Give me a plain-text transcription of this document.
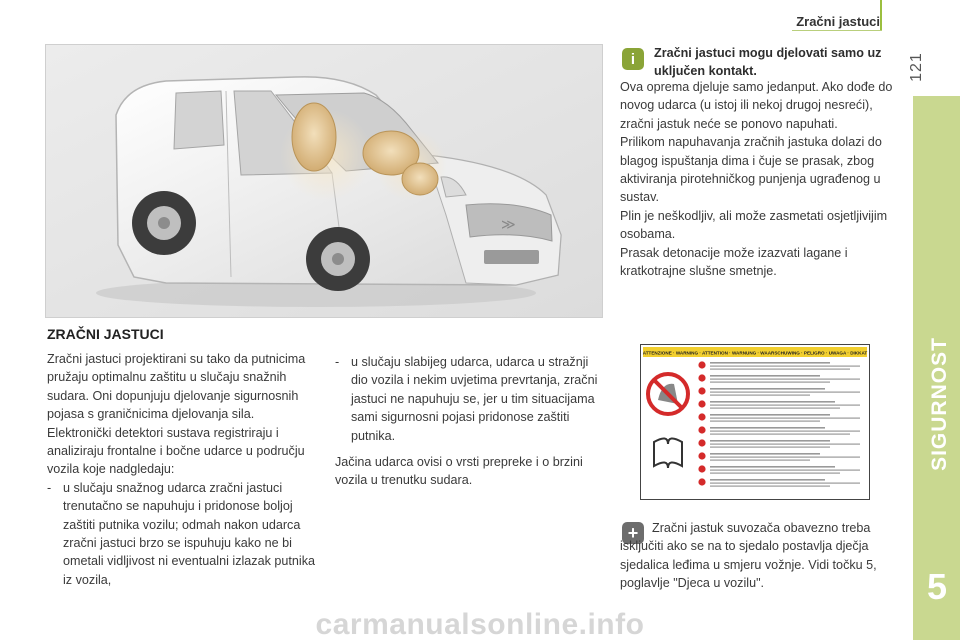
Zračni jastuci
121
SIGURNOST
5
≫
ZRAČNI JASTUCI

Zračni jastuci projektirani su tako da putnicima pružaju optimalnu zaštitu u slučaju snažnih sudara. Oni dopunjuju djelovanje sigurnosnih pojasa s graničnicima djelovanja sila.

Elektronički detektori sustava registriraju i analiziraju frontalne i bočne udarce u području vozila koje nadgledaju:

- u slučaju snažnog udarca zračni jastuci trenutačno se napuhuju i pridonose boljoj zaštiti putnika vozilu; odmah nakon udarca zračni jastuci brzo se ispuhuju kako ne bi ometali vidljivost ni eventualni izlazak putnika iz vozila,
- u slučaju slabijeg udarca, udarca u stražnji dio vozila i nekim uvjetima prevrtanja, zračni jastuci ne napuhuju se, jer u tim situacijama sami sigurnosni pojasi pridonose zaštiti putnika.

Jačina udarca ovisi o vrsti prepreke i o brzini vozila u trenutku sudara.

i	Zračni jastuci mogu djelovati samo uz uključen kontakt.

Ova oprema djeluje samo jedanput. Ako dođe do novog udarca (u istoj ili nekoj drugoj nesreći), zračni jastuk neće se ponovo napuhati.

Prilikom napuhavanja zračnih jastuka dolazi do blagog ispuštanja dima i čuje se prasak, zbog aktiviranja pirotehničkog punjenja ugrađenog u sustav.

Plin je neškodljiv, ali može zasmetati osjetljivijim osobama.

Prasak detonacije može izazvati lagane i kratkotrajne slušne smetnje.

ATTENZIONE · WARNING · ATTENTION · WARNUNG · WAARSCHUWING · PELIGRO · UWAGA · DIKKAT
+	Zračni jastuk suvozača obavezno treba isključiti ako se na to sjedalo postavlja dječja sjedalica leđima u smjeru vožnje. Vidi točku 5, poglavlje "Djeca u vozilu".

carmanualsonline.info
